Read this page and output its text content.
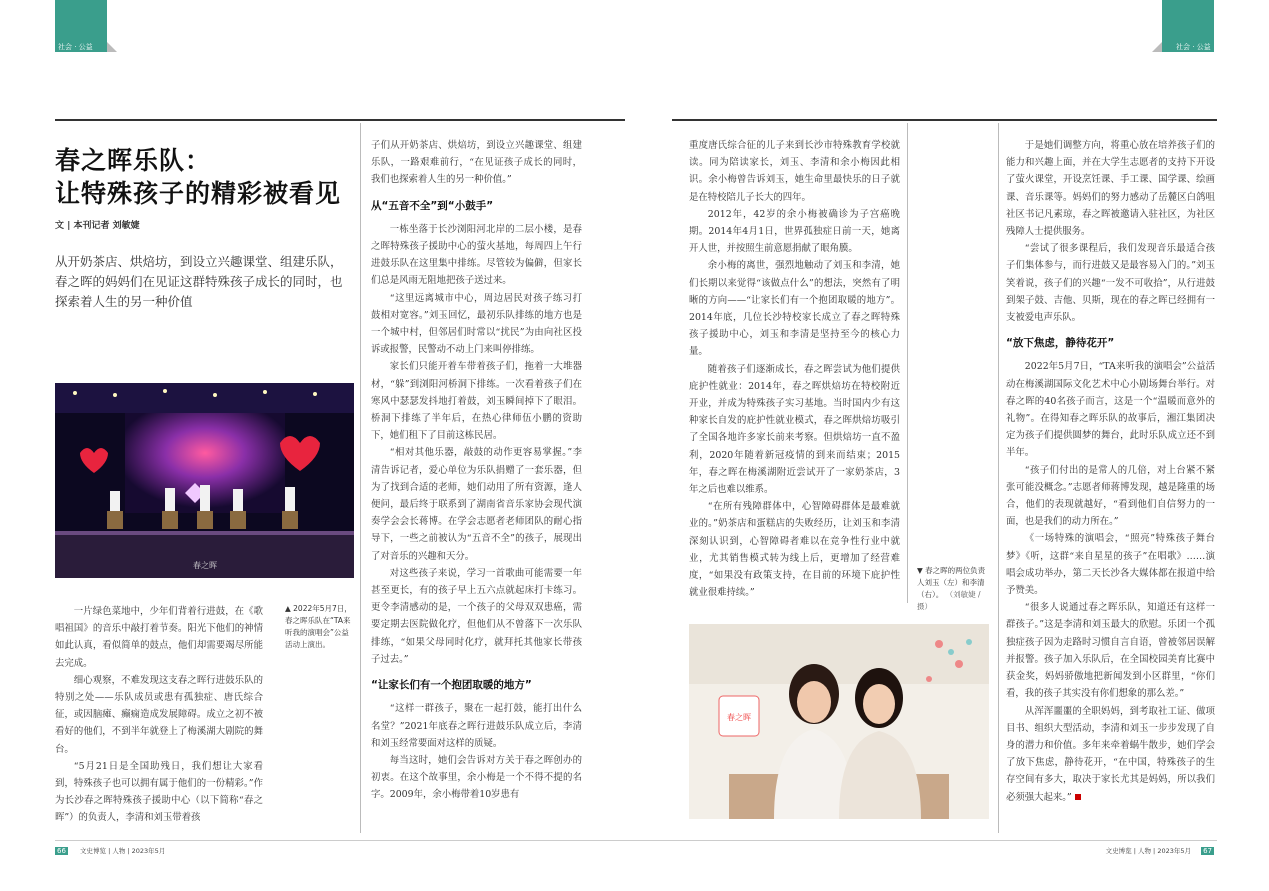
社会 · 公益	社会 · 公益
春之晖乐队：
让特殊孩子的精彩被看见
文 | 本刊记者 刘敏婕
从开奶茶店、烘焙坊，到设立兴趣课堂、组建乐队，春之晖的妈妈们在见证这群特殊孩子成长的同时，也探索着人生的另一种价值
春之晖
▲ 2022年5月7日，春之晖乐队在“TA来听我的演唱会”公益活动上演出。

一片绿色菜地中，少年们背着行进鼓，在《歌唱祖国》的音乐中敲打着节奏。阳光下他们的神情如此认真，看似简单的鼓点，他们却需要竭尽所能去完成。

细心观察，不难发现这支春之晖行进鼓乐队的特别之处——乐队成员或患有孤独症、唐氏综合征，或因脑瘫、癫痫造成发展障碍。成立之初不被看好的他们，不到半年就登上了梅溪湖大剧院的舞台。

“5月21日是全国助残日，我们想让大家看到，特殊孩子也可以拥有属于他们的一份精彩。”作为长沙春之晖特殊孩子援助中心（以下简称“春之晖”）的负责人，李清和刘玉带着孩

子们从开奶茶店、烘焙坊，到设立兴趣课堂、组建乐队，一路艰难前行，“在见证孩子成长的同时，我们也探索着人生的另一种价值。”

从“五音不全”到“小鼓手”

一栋坐落于长沙浏阳河北岸的二层小楼，是春之晖特殊孩子援助中心的萤火基地，每周四上午行进鼓乐队在这里集中排练。尽管较为偏僻，但家长们总是风雨无阻地把孩子送过来。

“这里远离城市中心，周边居民对孩子练习打鼓相对宽容。”刘玉回忆，最初乐队排练的地方也是一个城中村，但邻居们时常以“扰民”为由向社区投诉或报警，民警动不动上门来叫停排练。

家长们只能开着车带着孩子们，拖着一大堆器材，“躲”到浏阳河桥洞下排练。一次看着孩子们在寒风中瑟瑟发抖地打着鼓，刘玉瞬间掉下了眼泪。桥洞下排练了半年后，在热心律师伍小鹏的资助下，她们租下了目前这栋民居。

“相对其他乐器，敲鼓的动作更容易掌握。”李清告诉记者，爱心单位为乐队捐赠了一套乐器，但为了找到合适的老师，她们动用了所有资源，逢人便问，最后终于联系到了湖南省音乐家协会现代演奏学会会长蒋博。在学会志愿者老师团队的耐心指导下，一些之前被认为“五音不全”的孩子，展现出了对音乐的兴趣和天分。

对这些孩子来说，学习一首歌曲可能需要一年甚至更长，有的孩子早上五六点就起床打卡练习。更令李清感动的是，一个孩子的父母双双患癌，需要定期去医院做化疗，但他们从不曾落下一次乐队排练，“如果父母同时化疗，就拜托其他家长带孩子过去。”

“让家长们有一个抱团取暖的地方”

“这样一群孩子，聚在一起打鼓，能打出什么名堂？”2021年底春之晖行进鼓乐队成立后，李清和刘玉经常要面对这样的质疑。

每当这时，她们会告诉对方关于春之晖创办的初衷。在这个故事里，余小梅是一个不得不提的名字。2009年，余小梅带着10岁患有

重度唐氏综合征的儿子来到长沙市特殊教育学校就读。同为陪读家长，刘玉、李清和余小梅因此相识。余小梅曾告诉刘玉，她生命里最快乐的日子就是在特校陪儿子长大的四年。

2012年，42岁的余小梅被确诊为子宫癌晚期。2014年4月1日，世界孤独症日前一天，她离开人世，并按照生前意愿捐献了眼角膜。

余小梅的离世，强烈地触动了刘玉和李清，她们长期以来觉得“该做点什么”的想法，突然有了明晰的方向——“让家长们有一个抱团取暖的地方”。2014年底，几位长沙特校家长成立了春之晖特殊孩子援助中心，刘玉和李清是坚持至今的核心力量。

随着孩子们逐渐成长，春之晖尝试为他们提供庇护性就业：2014年，春之晖烘焙坊在特校附近开业，并成为特殊孩子实习基地。当时国内少有这种家长自发的庇护性就业模式，春之晖烘焙坊吸引了全国各地许多家长前来考察。但烘焙坊一直不盈利，2020年随着新冠疫情的到来而结束；2015年，春之晖在梅溪湖附近尝试开了一家奶茶店，3年之后也难以维系。

“在所有残障群体中，心智障碍群体是最难就业的。”奶茶店和蛋糕店的失败经历，让刘玉和李清深刻认识到，心智障碍者难以在竞争性行业中就业，尤其销售模式转为线上后，更增加了经营难度，“如果没有政策支持，在目前的环境下庇护性就业很难持续。”

▼ 春之晖的两位负责人刘玉（左）和李清（右）。 （刘敏婕 / 摄）
春之晖

于是她们调整方向，将重心放在培养孩子们的能力和兴趣上面，并在大学生志愿者的支持下开设了萤火课堂，开设烹饪课、手工课、国学课、绘画课、音乐课等。妈妈们的努力感动了岳麓区白鸽咀社区书记凡素琼，春之晖被邀请入驻社区，为社区残障人士提供服务。

“尝试了很多课程后，我们发现音乐最适合孩子们集体参与，而行进鼓又是最容易入门的。”刘玉笑着说，孩子们的兴趣“一发不可收拾”，从行进鼓到架子鼓、吉他、贝斯，现在的春之晖已经拥有一支被爱电声乐队。

“放下焦虑，静待花开”

2022年5月7日，“TA来听我的演唱会”公益活动在梅溪湖国际文化艺术中心小剧场舞台举行。对春之晖的40名孩子而言，这是一个“温暖而意外的礼物”。在得知春之晖乐队的故事后，湘江集团决定为孩子们提供圆梦的舞台，此时乐队成立还不到半年。

“孩子们付出的是常人的几倍，对上台紧不紧张可能没概念。”志愿者师蒋博发现，越是隆重的场合，他们的表现就越好，“看到他们自信努力的一面，也是我们的动力所在。”

《一场特殊的演唱会，“照亮”特殊孩子舞台梦》《听，这群“来自星星的孩子”在唱歌》……演唱会成功举办，第二天长沙各大媒体都在报道中给予赞美。

“很多人说通过春之晖乐队，知道还有这样一群孩子。”这是李清和刘玉最大的欣慰。乐团一个孤独症孩子因为走路时习惯自言自语，曾被邻居误解并报警。孩子加入乐队后，在全国校园美育比赛中获金奖，妈妈骄傲地把新闻发到小区群里，“你们看，我的孩子其实没有你们想象的那么差。”

从浑浑噩噩的全职妈妈，到考取社工证、做项目书、组织大型活动，李清和刘玉一步步发现了自身的潜力和价值。多年来牵着蜗牛散步，她们学会了放下焦虑，静待花开，“在中国，特殊孩子的生存空间有多大，取决于家长尤其是妈妈，所以我们必须强大起来。”

66 文史博览 | 人物 | 2023年5月	文史博览 | 人物 | 2023年5月 67
